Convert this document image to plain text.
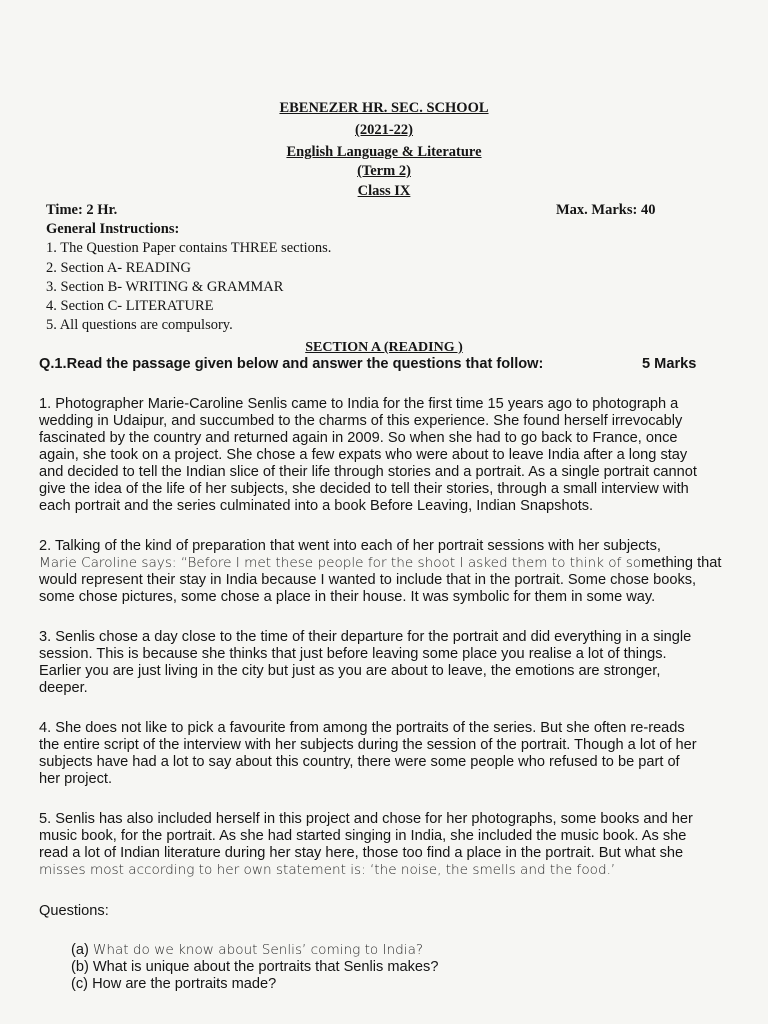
EBENEZER HR. SEC. SCHOOL
(2021-22)
English Language & Literature
(Term 2)
Class IX
Time: 2 Hr.	Max. Marks: 40
General Instructions:
1. The Question Paper contains THREE sections.
2. Section A- READING
3. Section B- WRITING & GRAMMAR
4. Section C- LITERATURE
5. All questions are compulsory.
SECTION A (READING )
Q.1.Read the passage given below and answer the questions that follow:	5 Marks
1. Photographer Marie-Caroline Senlis came to India for the first time 15 years ago to photograph a
wedding in Udaipur, and succumbed to the charms of this experience. She found herself irrevocably
fascinated by the country and returned again in 2009. So when she had to go back to France, once
again, she took on a project. She chose a few expats who were about to leave India after a long stay
and decided to tell the Indian slice of their life through stories and a portrait. As a single portrait cannot
give the idea of the life of her subjects, she decided to tell their stories, through a small interview with
each portrait and the series culminated into a book Before Leaving, Indian Snapshots.
2. Talking of the kind of preparation that went into each of her portrait sessions with her subjects,
Marie Caroline says: “Before I met these people for the shoot I asked them to think of something that
would represent their stay in India because I wanted to include that in the portrait. Some chose books,
some chose pictures, some chose a place in their house. It was symbolic for them in some way.
3. Senlis chose a day close to the time of their departure for the portrait and did everything in a single
session. This is because she thinks that just before leaving some place you realise a lot of things.
Earlier you are just living in the city but just as you are about to leave, the emotions are stronger,
deeper.
4. She does not like to pick a favourite from among the portraits of the series. But she often re-reads
the entire script of the interview with her subjects during the session of the portrait. Though a lot of her
subjects have had a lot to say about this country, there were some people who refused to be part of
her project.
5. Senlis has also included herself in this project and chose for her photographs, some books and her
music book, for the portrait. As she had started singing in India, she included the music book. As she
read a lot of Indian literature during her stay here, those too find a place in the portrait. But what she
misses most according to her own statement is: ‘the noise, the smells and the food.’
Questions:
(a) What do we know about Senlis’ coming to India?
(b) What is unique about the portraits that Senlis makes?
(c) How are the portraits made?
